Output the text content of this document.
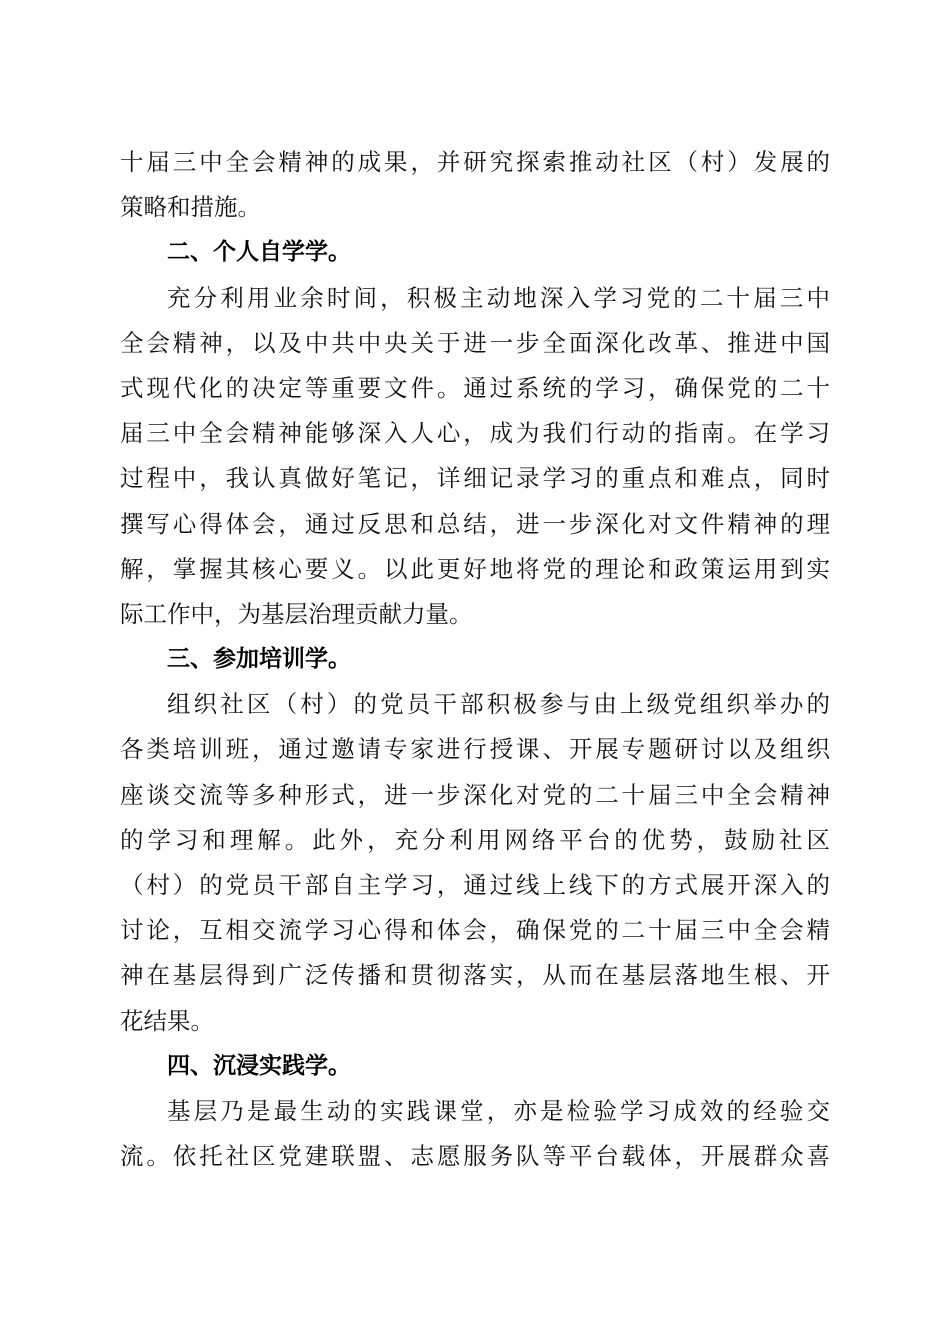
十届三中全会精神的成果，并研究探索推动社区（村）发展的
策略和措施。
二、个人自学学。
充分利用业余时间，积极主动地深入学习党的二十届三中
全会精神，以及中共中央关于进一步全面深化改革、推进中国
式现代化的决定等重要文件。通过系统的学习，确保党的二十
届三中全会精神能够深入人心，成为我们行动的指南。在学习
过程中，我认真做好笔记，详细记录学习的重点和难点，同时
撰写心得体会，通过反思和总结，进一步深化对文件精神的理
解，掌握其核心要义。以此更好地将党的理论和政策运用到实
际工作中，为基层治理贡献力量。
三、参加培训学。
组织社区（村）的党员干部积极参与由上级党组织举办的
各类培训班，通过邀请专家进行授课、开展专题研讨以及组织
座谈交流等多种形式，进一步深化对党的二十届三中全会精神
的学习和理解。此外，充分利用网络平台的优势，鼓励社区
（村）的党员干部自主学习，通过线上线下的方式展开深入的
讨论，互相交流学习心得和体会，确保党的二十届三中全会精
神在基层得到广泛传播和贯彻落实，从而在基层落地生根、开
花结果。
四、沉浸实践学。
基层乃是最生动的实践课堂，亦是检验学习成效的经验交
流。依托社区党建联盟、志愿服务队等平台载体，开展群众喜
